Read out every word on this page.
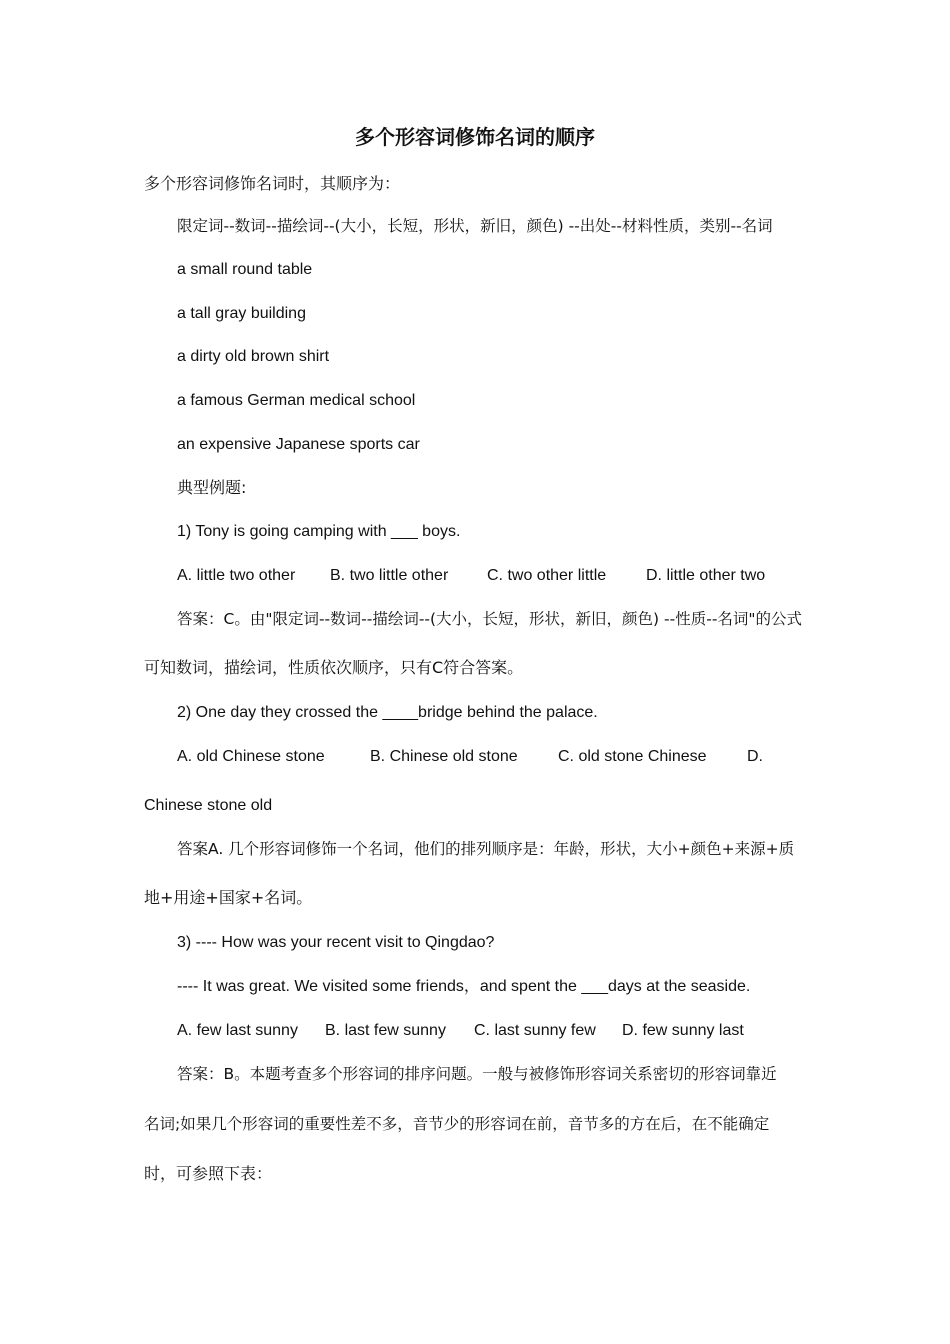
多个形容词修饰名词的顺序
多个形容词修饰名词时，其顺序为：
限定词--数词--描绘词--(大小，长短，形状，新旧，颜色) --出处--材料性质，类别--名词
a small round table
a tall gray building
a dirty old brown shirt
a famous German medical school
an expensive Japanese sports car
典型例题:
1) Tony is going camping with ___ boys.
A. little two other B. two little other C. two other little D. little other two
答案：C。由"限定词--数词--描绘词--(大小，长短，形状，新旧，颜色) --性质--名词"的公式
可知数词，描绘词，性质依次顺序，只有C符合答案。
2) One day they crossed the ____bridge behind the palace.
A. old Chinese stone	B. Chinese old stone	C. old stone Chinese	D.
Chinese stone old
答案A. 几个形容词修饰一个名词，他们的排列顺序是：年龄，形状，大小+颜色+来源+质
地+用途+国家+名词。
3) ---- How was your recent visit to Qingdao?
---- It was great. We visited some friends，and spent the ___days at the seaside.
A. few last sunny B. last few sunny C. last sunny few D. few sunny last
答案：B。本题考查多个形容词的排序问题。一般与被修饰形容词关系密切的形容词靠近
名词;如果几个形容词的重要性差不多，音节少的形容词在前，音节多的方在后，在不能确定
时，可参照下表：
